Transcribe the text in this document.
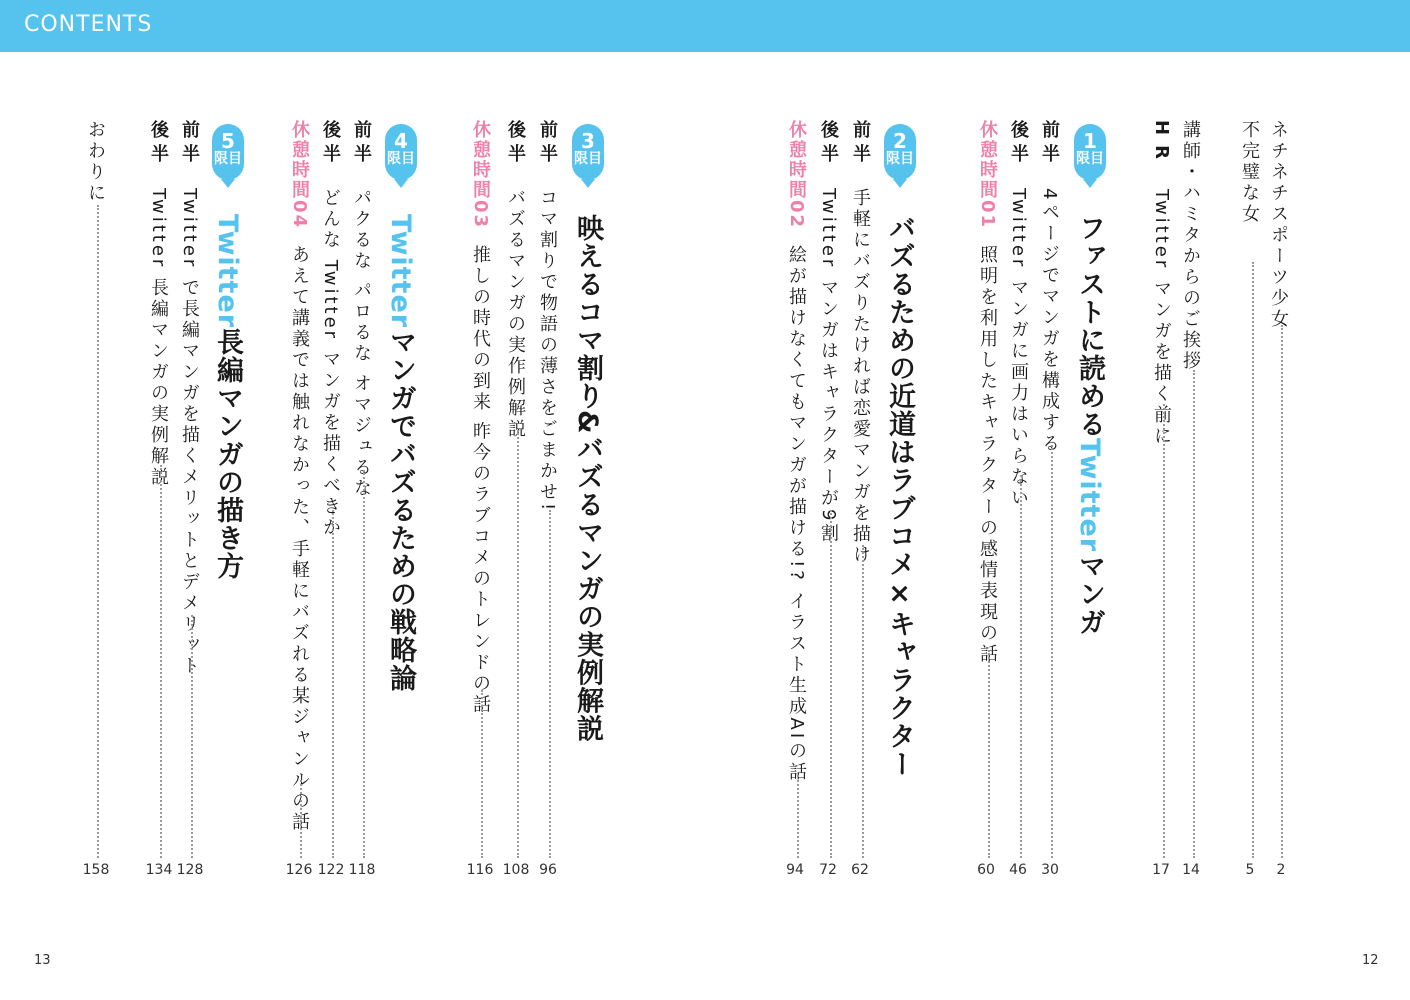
CONTENTS
ネチネチスポーツ少女
2
不完璧な女
5
講師・ハミタからのご挨拶
14
HRTwitter マンガを描く前に
17
1
限目
ファストに読めるTwitterマンガ
前半4ページでマンガを構成する
30
後半Twitter マンガに画力はいらない
46
休憩時間01照明を利用したキャラクターの感情表現の話
60
2
限目
バズるための近道はラブコメ×キャラクター
前半手軽にバズりたければ恋愛マンガを描け
62
後半Twitter マンガはキャラクターが9割
72
休憩時間02絵が描けなくてもマンガが描ける!? イラスト生成AIの話
94
3
限目
映えるコマ割り&バズるマンガの実例解説
前半コマ割りで物語の薄さをごまかせ!
96
後半バズるマンガの実作例解説
108
休憩時間03推しの時代の到来 昨今のラブコメのトレンドの話
116
4
限目
Twitterマンガでバズるための戦略論
前半パクるな パロるな オマジュるな
118
後半どんな Twitter マンガを描くべきか
122
休憩時間04あえて講義では触れなかった、手軽にバズれる某ジャンルの話
126
5
限目
Twitter長編マンガの描き方
前半Twitter で長編マンガを描くメリットとデメリット
128
後半Twitter 長編マンガの実例解説
134
おわりに
158
13	12
